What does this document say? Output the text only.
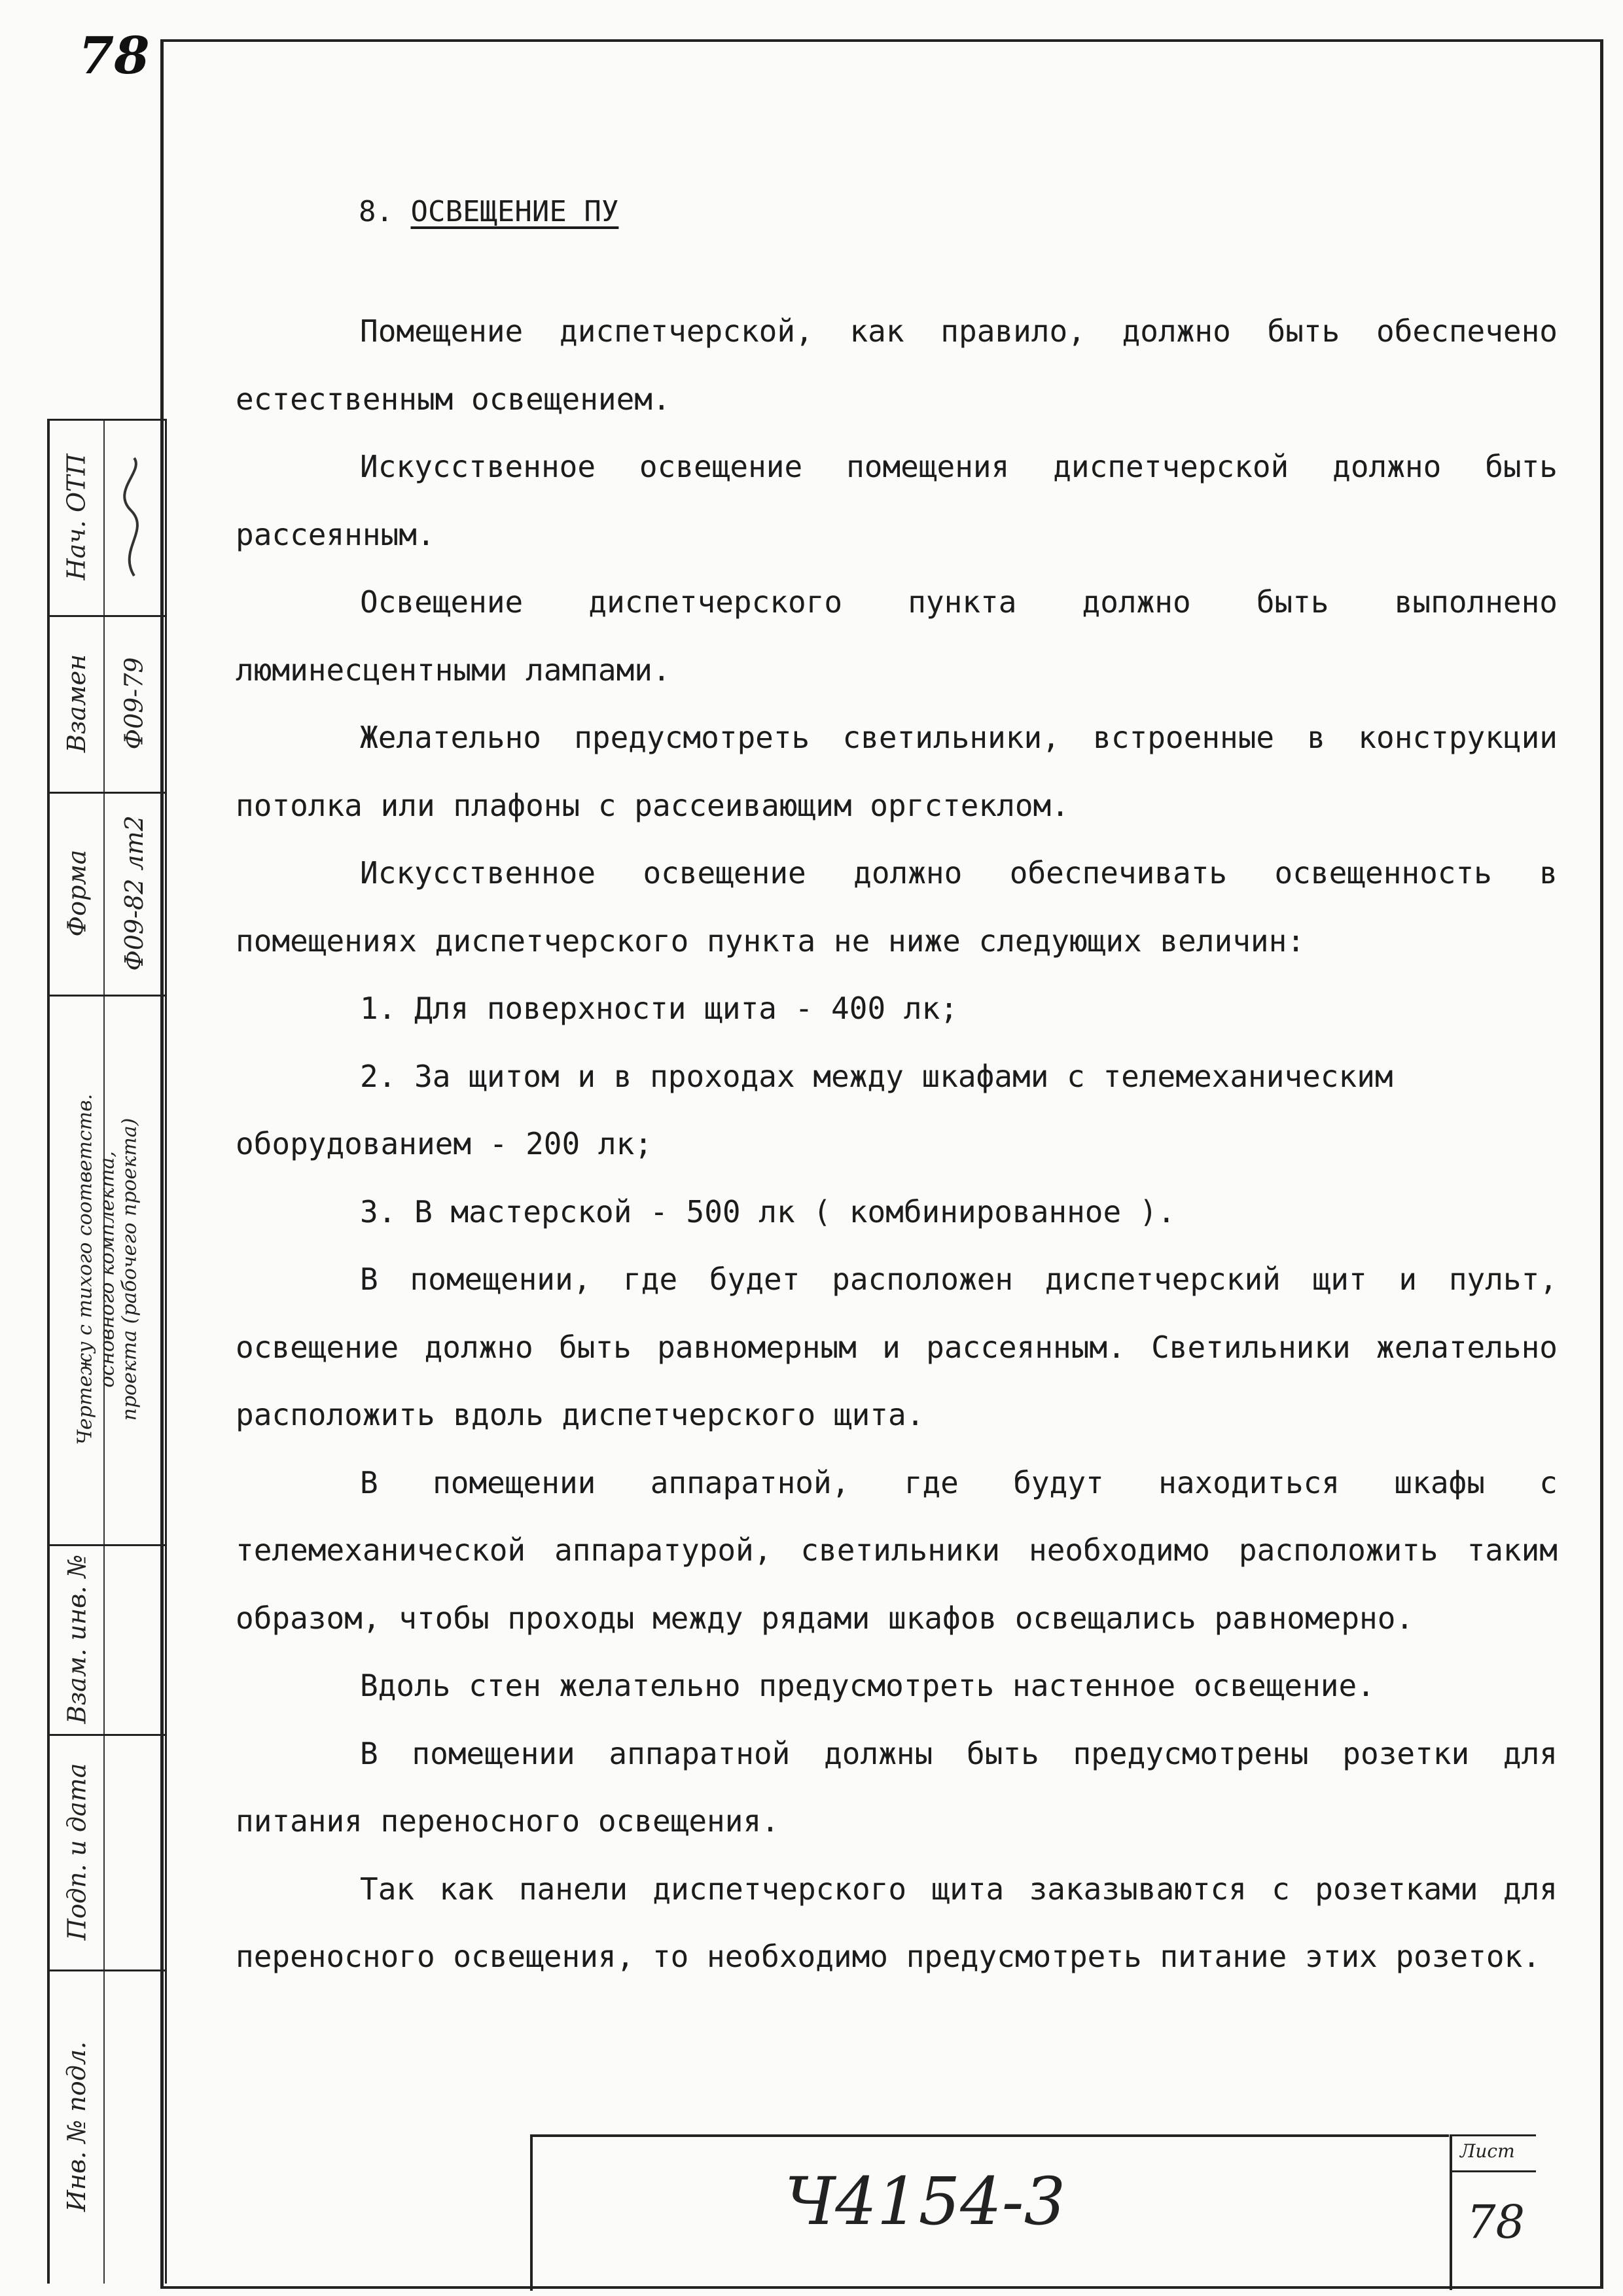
78
Нач. ОТП
Взамен Ф09-79
Форма Ф09-82 лт2
Чертежу с тихого соответств. основного комплекта, проекта (рабочего проекта)
Взам. инв. №
Подп. и дата
Инв. № подл.
8. ОСВЕЩЕНИЕ ПУ

Помещение диспетчерской, как правило, должно быть обеспечено естественным освещением.

Искусственное освещение помещения диспетчерской должно быть рассеянным.

Освещение диспетчерского пункта должно быть выполнено люминесцентными лампами.

Желательно предусмотреть светильники, встроенные в конструкции потолка или плафоны с рассеивающим оргстеклом.

Искусственное освещение должно обеспечивать освещенность в помещениях диспетчерского пункта не ниже следующих величин:

1. Для поверхности щита - 400 лк;
2. За щитом и в проходах между шкафами с телемеханическим оборудованием - 200 лк;
3. В мастерской - 500 лк ( комбинированное ).

В помещении, где будет расположен диспетчерский щит и пульт, освещение должно быть равномерным и рассеянным. Светильники желательно расположить вдоль диспетчерского щита.

В помещении аппаратной, где будут находиться шкафы с телемеханической аппаратурой, светильники необходимо расположить таким образом, чтобы проходы между рядами шкафов освещались равномерно.

Вдоль стен желательно предусмотреть настенное освещение.

В помещении аппаратной должны быть предусмотрены розетки для питания переносного освещения.

Так как панели диспетчерского щита заказываются с розетками для переносного освещения, то необходимо предусмотреть питание этих розеток.

Ч4154-3
Лист
78
